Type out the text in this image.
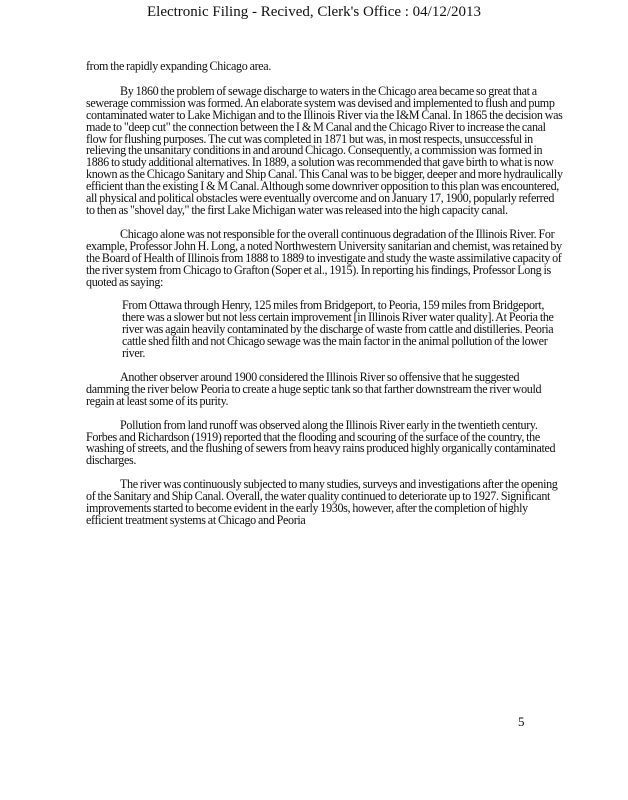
Electronic Filing - Recived, Clerk's Office : 04/12/2013

from the rapidly expanding Chicago area.

By 1860 the problem of sewage discharge to waters in the Chicago area became so great that a sewerage commission was formed. An elaborate system was devised and implemented to flush and pump contaminated water to Lake Michigan and to the Illinois River via the I&M Canal. In 1865 the decision was made to "deep cut" the connection between the I & M Canal and the Chicago River to increase the canal flow for flushing purposes. The cut was completed in 1871 but was, in most respects, unsuccessful in relieving the unsanitary conditions in and around Chicago. Consequently, a commission was formed in 1886 to study additional alternatives. In 1889, a solution was recommended that gave birth to what is now known as the Chicago Sanitary and Ship Canal. This Canal was to be bigger, deeper and more hydraulically efficient than the existing I & M Canal. Although some downriver opposition to this plan was encountered, all physical and political obstacles were eventually overcome and on January 17, 1900, popularly referred to then as "shovel day," the first Lake Michigan water was released into the high capacity canal.

Chicago alone was not responsible for the overall continuous degradation of the Illinois River. For example, Professor John H. Long, a noted Northwestern University sanitarian and chemist, was retained by the Board of Health of Illinois from 1888 to 1889 to investigate and study the waste assimilative capacity of the river system from Chicago to Grafton (Soper et al., 1915). In reporting his findings, Professor Long is quoted as saying:

From Ottawa through Henry, 125 miles from Bridgeport, to Peoria, 159 miles from Bridgeport, there was a slower but not less certain improvement [in Illinois River water quality]. At Peoria the river was again heavily contaminated by the discharge of waste from cattle and distilleries. Peoria cattle shed filth and not Chicago sewage was the main factor in the animal pollution of the lower river.

Another observer around 1900 considered the Illinois River so offensive that he suggested damming the river below Peoria to create a huge septic tank so that farther downstream the river would regain at least some of its purity.

Pollution from land runoff was observed along the Illinois River early in the twentieth century. Forbes and Richardson (1919) reported that the flooding and scouring of the surface of the country, the washing of streets, and the flushing of sewers from heavy rains produced highly organically contaminated discharges.

The river was continuously subjected to many studies, surveys and investigations after the opening of the Sanitary and Ship Canal. Overall, the water quality continued to deteriorate up to 1927. Significant improvements started to become evident in the early 1930s, however, after the completion of highly efficient treatment systems at Chicago and Peoria

5
